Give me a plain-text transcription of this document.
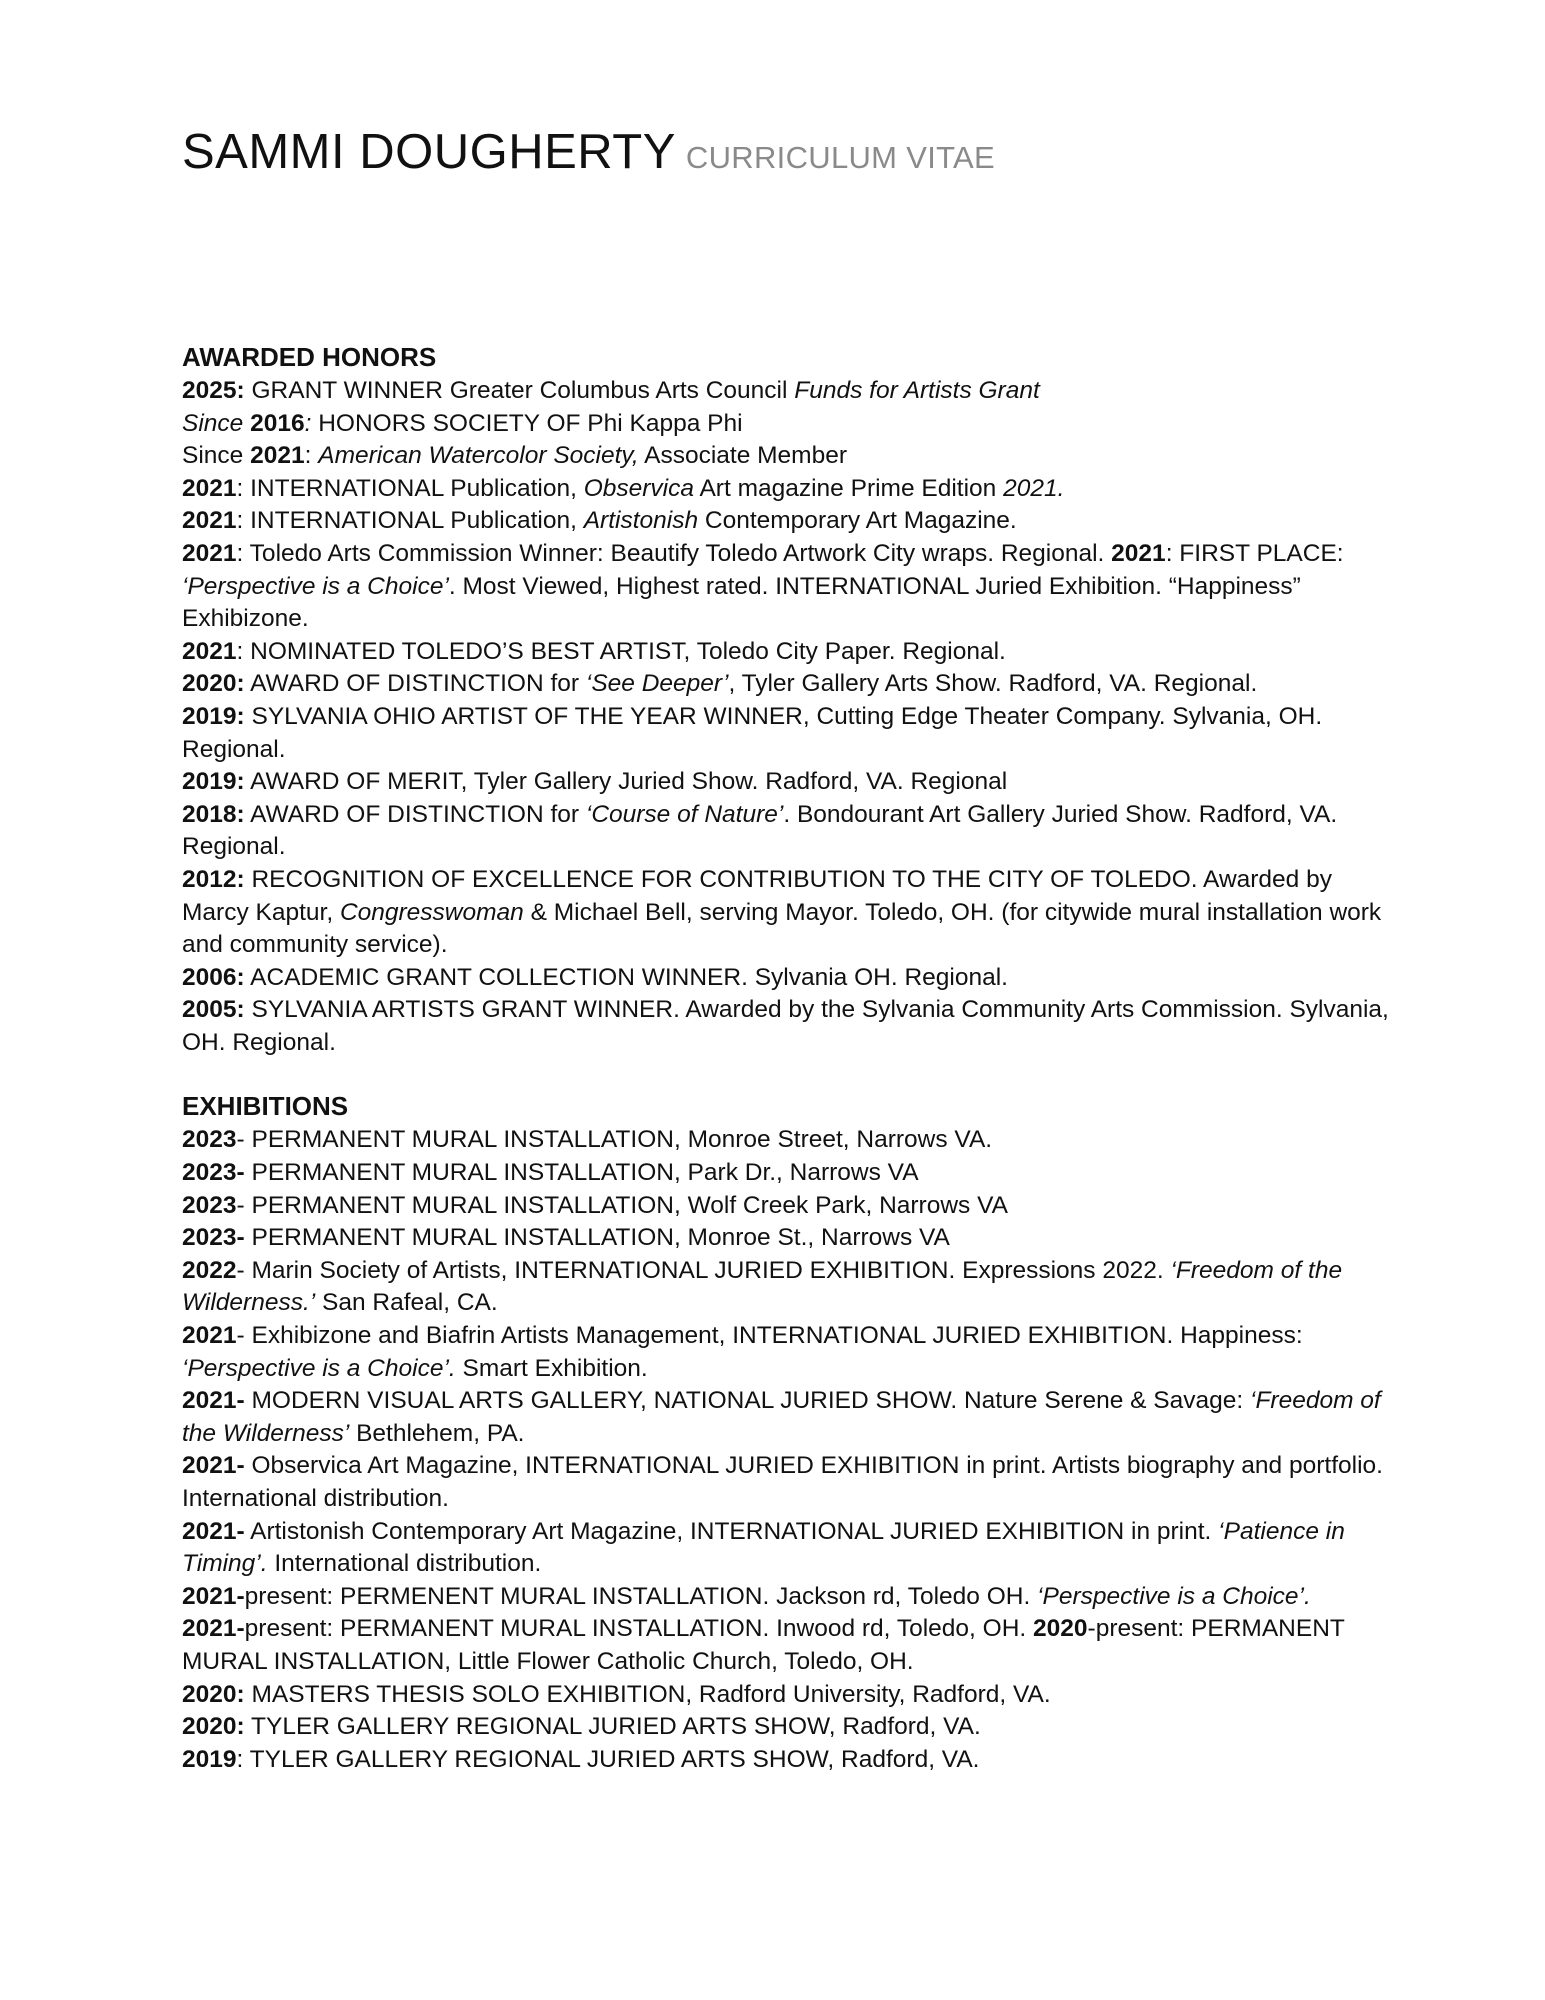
SAMMI DOUGHERTY CURRICULUM VITAE
AWARDED HONORS
2025: GRANT WINNER Greater Columbus Arts Council Funds for Artists Grant
Since 2016: HONORS SOCIETY OF Phi Kappa Phi
Since 2021: American Watercolor Society, Associate Member
2021: INTERNATIONAL Publication, Observica Art magazine Prime Edition 2021.
2021: INTERNATIONAL Publication, Artistonish Contemporary Art Magazine.
2021: Toledo Arts Commission Winner: Beautify Toledo Artwork City wraps. Regional. 2021: FIRST PLACE: ‘Perspective is a Choice’. Most Viewed, Highest rated. INTERNATIONAL Juried Exhibition. “Happiness” Exhibizone.
2021: NOMINATED TOLEDO’S BEST ARTIST, Toledo City Paper. Regional.
2020: AWARD OF DISTINCTION for ‘See Deeper’, Tyler Gallery Arts Show. Radford, VA. Regional.
2019: SYLVANIA OHIO ARTIST OF THE YEAR WINNER, Cutting Edge Theater Company. Sylvania, OH. Regional.
2019: AWARD OF MERIT, Tyler Gallery Juried Show. Radford, VA. Regional
2018: AWARD OF DISTINCTION for ‘Course of Nature’. Bondourant Art Gallery Juried Show. Radford, VA. Regional.
2012: RECOGNITION OF EXCELLENCE FOR CONTRIBUTION TO THE CITY OF TOLEDO. Awarded by Marcy Kaptur, Congresswoman & Michael Bell, serving Mayor. Toledo, OH. (for citywide mural installation work and community service).
2006: ACADEMIC GRANT COLLECTION WINNER. Sylvania OH. Regional.
2005: SYLVANIA ARTISTS GRANT WINNER. Awarded by the Sylvania Community Arts Commission. Sylvania, OH. Regional.
EXHIBITIONS
2023- PERMANENT MURAL INSTALLATION, Monroe Street, Narrows VA.
2023- PERMANENT MURAL INSTALLATION, Park Dr., Narrows VA
2023- PERMANENT MURAL INSTALLATION, Wolf Creek Park, Narrows VA
2023- PERMANENT MURAL INSTALLATION, Monroe St., Narrows VA
2022- Marin Society of Artists, INTERNATIONAL JURIED EXHIBITION. Expressions 2022. ‘Freedom of the Wilderness.’ San Rafeal, CA.
2021- Exhibizone and Biafrin Artists Management, INTERNATIONAL JURIED EXHIBITION. Happiness: ‘Perspective is a Choice’. Smart Exhibition.
2021- MODERN VISUAL ARTS GALLERY, NATIONAL JURIED SHOW. Nature Serene & Savage: ‘Freedom of the Wilderness’ Bethlehem, PA.
2021- Observica Art Magazine, INTERNATIONAL JURIED EXHIBITION in print. Artists biography and portfolio. International distribution.
2021- Artistonish Contemporary Art Magazine, INTERNATIONAL JURIED EXHIBITION in print. ‘Patience in Timing’. International distribution.
2021-present: PERMENENT MURAL INSTALLATION. Jackson rd, Toledo OH. ‘Perspective is a Choice’.
2021-present: PERMANENT MURAL INSTALLATION. Inwood rd, Toledo, OH. 2020-present: PERMANENT MURAL INSTALLATION, Little Flower Catholic Church, Toledo, OH.
2020: MASTERS THESIS SOLO EXHIBITION, Radford University, Radford, VA.
2020: TYLER GALLERY REGIONAL JURIED ARTS SHOW, Radford, VA.
2019: TYLER GALLERY REGIONAL JURIED ARTS SHOW, Radford, VA.
